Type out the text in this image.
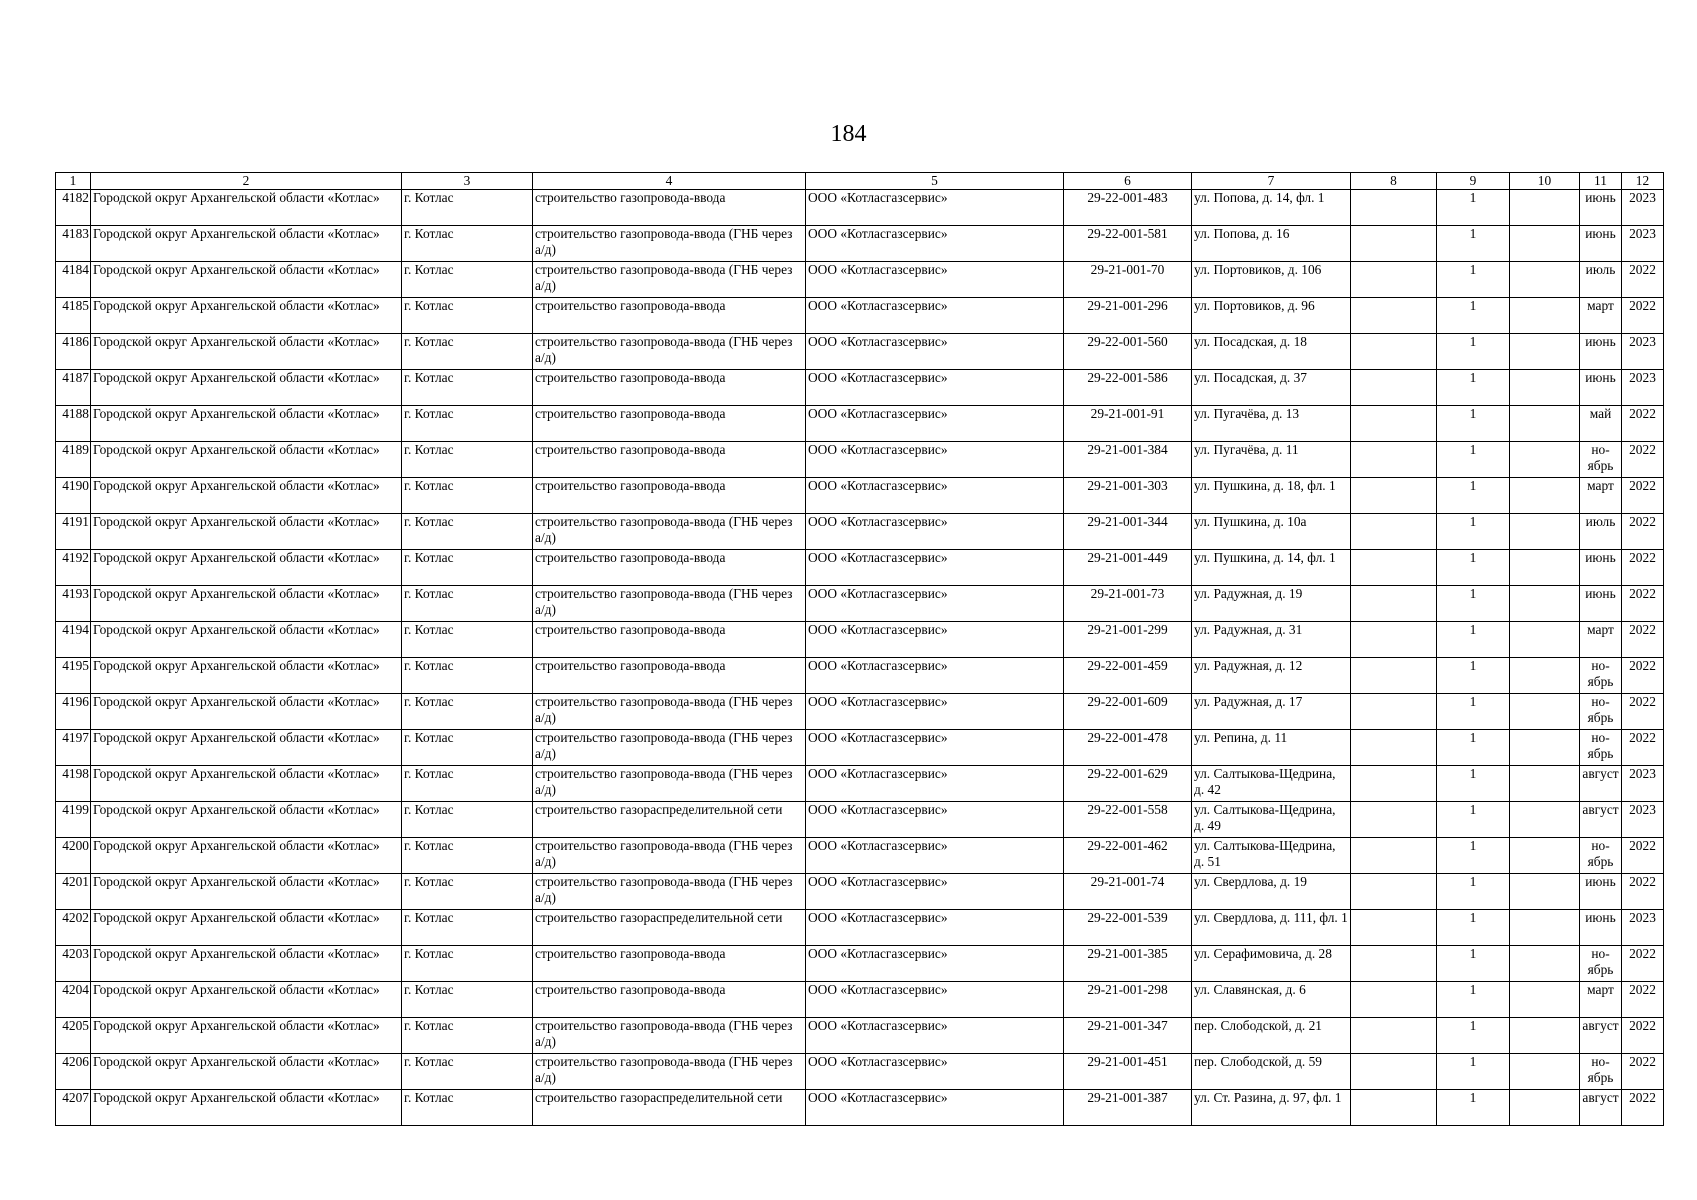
184
1	2	3	4	5	6	7	8	9	10	11	12
4182	Городской округ Архангельской области «Котлас»	г. Котлас	строительство газопровода-ввода	ООО «Котласгазсервис»	29-22-001-483	ул. Попова, д. 14, фл. 1		1		июнь	2023
4183	Городской округ Архангельской области «Котлас»	г. Котлас	строительство газопровода-ввода (ГНБ через а/д)	ООО «Котласгазсервис»	29-22-001-581	ул. Попова, д. 16		1		июнь	2023
4184	Городской округ Архангельской области «Котлас»	г. Котлас	строительство газопровода-ввода (ГНБ через а/д)	ООО «Котласгазсервис»	29-21-001-70	ул. Портовиков, д. 106		1		июль	2022
4185	Городской округ Архангельской области «Котлас»	г. Котлас	строительство газопровода-ввода	ООО «Котласгазсервис»	29-21-001-296	ул. Портовиков, д. 96		1		март	2022
4186	Городской округ Архангельской области «Котлас»	г. Котлас	строительство газопровода-ввода (ГНБ через а/д)	ООО «Котласгазсервис»	29-22-001-560	ул. Посадская, д. 18		1		июнь	2023
4187	Городской округ Архангельской области «Котлас»	г. Котлас	строительство газопровода-ввода	ООО «Котласгазсервис»	29-22-001-586	ул. Посадская, д. 37		1		июнь	2023
4188	Городской округ Архангельской области «Котлас»	г. Котлас	строительство газопровода-ввода	ООО «Котласгазсервис»	29-21-001-91	ул. Пугачёва, д. 13		1		май	2022
4189	Городской округ Архангельской области «Котлас»	г. Котлас	строительство газопровода-ввода	ООО «Котласгазсервис»	29-21-001-384	ул. Пугачёва, д. 11		1		но-ябрь	2022
4190	Городской округ Архангельской области «Котлас»	г. Котлас	строительство газопровода-ввода	ООО «Котласгазсервис»	29-21-001-303	ул. Пушкина, д. 18, фл. 1		1		март	2022
4191	Городской округ Архангельской области «Котлас»	г. Котлас	строительство газопровода-ввода (ГНБ через а/д)	ООО «Котласгазсервис»	29-21-001-344	ул. Пушкина, д. 10а		1		июль	2022
4192	Городской округ Архангельской области «Котлас»	г. Котлас	строительство газопровода-ввода	ООО «Котласгазсервис»	29-21-001-449	ул. Пушкина, д. 14, фл. 1		1		июнь	2022
4193	Городской округ Архангельской области «Котлас»	г. Котлас	строительство газопровода-ввода (ГНБ через а/д)	ООО «Котласгазсервис»	29-21-001-73	ул. Радужная, д. 19		1		июнь	2022
4194	Городской округ Архангельской области «Котлас»	г. Котлас	строительство газопровода-ввода	ООО «Котласгазсервис»	29-21-001-299	ул. Радужная, д. 31		1		март	2022
4195	Городской округ Архангельской области «Котлас»	г. Котлас	строительство газопровода-ввода	ООО «Котласгазсервис»	29-22-001-459	ул. Радужная, д. 12		1		но-ябрь	2022
4196	Городской округ Архангельской области «Котлас»	г. Котлас	строительство газопровода-ввода (ГНБ через а/д)	ООО «Котласгазсервис»	29-22-001-609	ул. Радужная, д. 17		1		но-ябрь	2022
4197	Городской округ Архангельской области «Котлас»	г. Котлас	строительство газопровода-ввода (ГНБ через а/д)	ООО «Котласгазсервис»	29-22-001-478	ул. Репина, д. 11		1		но-ябрь	2022
4198	Городской округ Архангельской области «Котлас»	г. Котлас	строительство газопровода-ввода (ГНБ через а/д)	ООО «Котласгазсервис»	29-22-001-629	ул. Салтыкова-Щедрина, д. 42		1		август	2023
4199	Городской округ Архангельской области «Котлас»	г. Котлас	строительство газораспределительной сети	ООО «Котласгазсервис»	29-22-001-558	ул. Салтыкова-Щедрина, д. 49		1		август	2023
4200	Городской округ Архангельской области «Котлас»	г. Котлас	строительство газопровода-ввода (ГНБ через а/д)	ООО «Котласгазсервис»	29-22-001-462	ул. Салтыкова-Щедрина, д. 51		1		но-ябрь	2022
4201	Городской округ Архангельской области «Котлас»	г. Котлас	строительство газопровода-ввода (ГНБ через а/д)	ООО «Котласгазсервис»	29-21-001-74	ул. Свердлова, д. 19		1		июнь	2022
4202	Городской округ Архангельской области «Котлас»	г. Котлас	строительство газораспределительной сети	ООО «Котласгазсервис»	29-22-001-539	ул. Свердлова, д. 111, фл. 1		1		июнь	2023
4203	Городской округ Архангельской области «Котлас»	г. Котлас	строительство газопровода-ввода	ООО «Котласгазсервис»	29-21-001-385	ул. Серафимовича, д. 28		1		но-ябрь	2022
4204	Городской округ Архангельской области «Котлас»	г. Котлас	строительство газопровода-ввода	ООО «Котласгазсервис»	29-21-001-298	ул. Славянская, д. 6		1		март	2022
4205	Городской округ Архангельской области «Котлас»	г. Котлас	строительство газопровода-ввода (ГНБ через а/д)	ООО «Котласгазсервис»	29-21-001-347	пер. Слободской, д. 21		1		август	2022
4206	Городской округ Архангельской области «Котлас»	г. Котлас	строительство газопровода-ввода (ГНБ через а/д)	ООО «Котласгазсервис»	29-21-001-451	пер. Слободской, д. 59		1		но-ябрь	2022
4207	Городской округ Архангельской области «Котлас»	г. Котлас	строительство газораспределительной сети	ООО «Котласгазсервис»	29-21-001-387	ул. Ст. Разина, д. 97, фл. 1		1		август	2022
